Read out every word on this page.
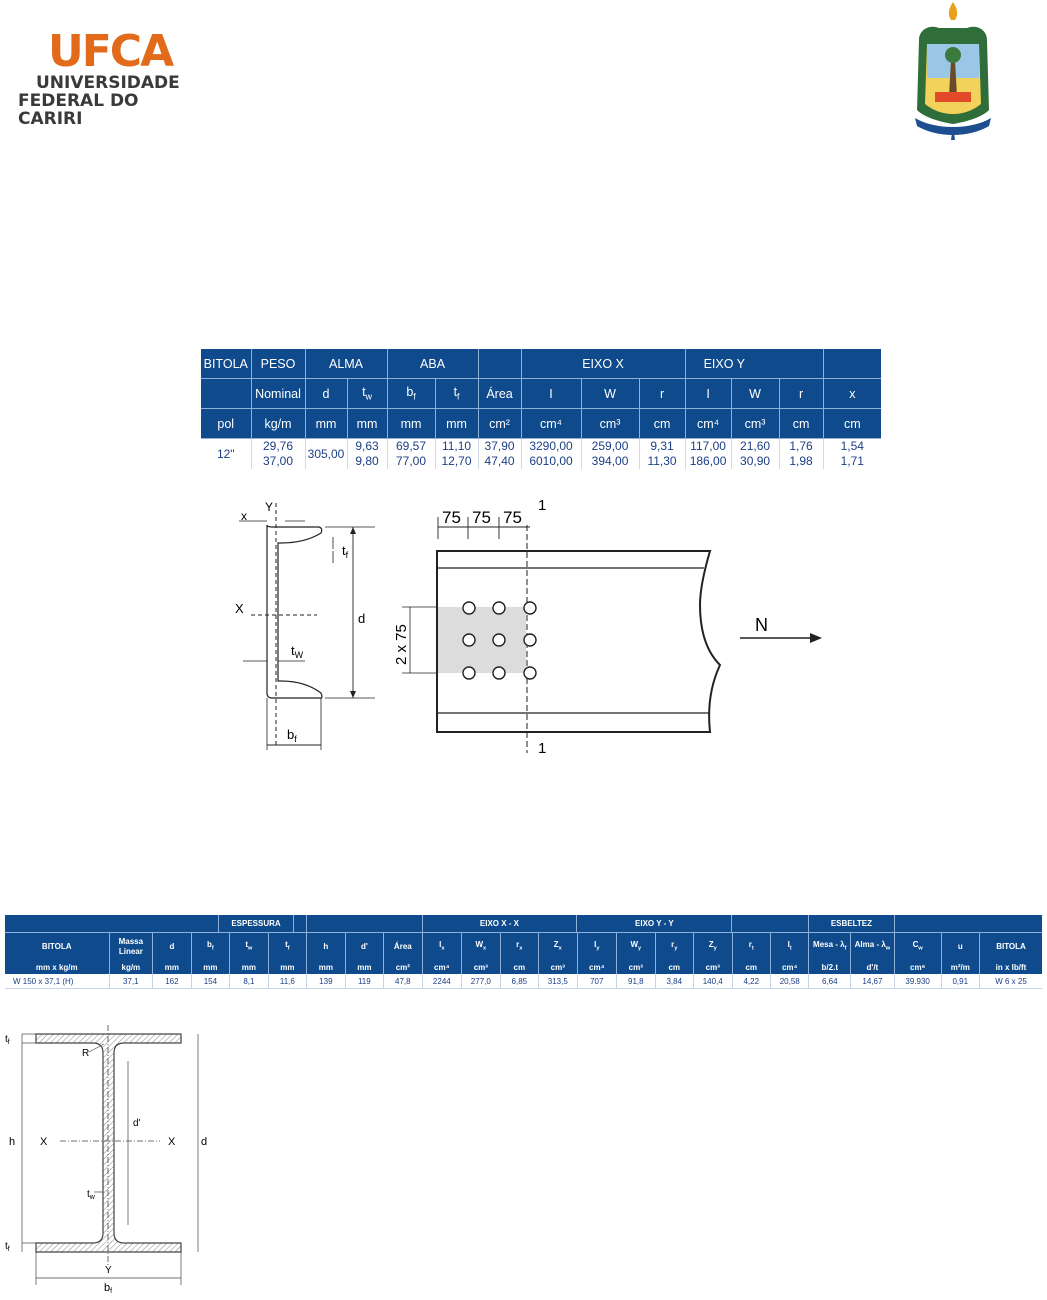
UFCA
UNIVERSIDADE
FEDERAL DO CARIRI
BITOLA	PESO	ALMA		ABA			EIXO X			EIXO Y			
	Nominal	d	$t_w$	$b_f$	$t_f$	Área	I	W	r	I	W	r	x
pol	kg/m	mm	mm	mm	mm	cm²	cm⁴	cm³	cm	cm⁴	cm³	cm	cm
12"	29,76	305,00	9,63	69,57	11,10	37,90	3290,00	259,00	9,31	117,00	21,60	1,76	1,54
	37,00		9,80	77,00	12,70	47,40	6010,00	394,00	11,30	186,00	30,90	1,98	1,71
x
Y
X
d
$t_f$
$t_W$
$b_f$
75 75 75
1
2 x 75	N
1
		EIXO X - X	EIXO Y - Y		ESBELTEZ	
ESPESSURA
BITOLA	Massa Linear	d	$b_f$	$t_w$	$t_f$	h	d'	Área	$I_x$	$W_x$	$r_x$	$Z_x$	$I_y$	$W_y$	$r_y$	$Z_y$	$r_t$	$I_t$	Mesa - $\lambda_f$	Alma - $\lambda_w$	$C_w$	u	BITOLA
mm x kg/m	kg/m	mm	mm	mm	mm	mm	mm	cm²	cm⁴	cm³	cm	cm³	cm⁴	cm³	cm	cm³	cm	cm⁴	b/2.t	d'/t	cm⁶	m²/m	in x lb/ft
W 150 x 37,1 (H)	37,1	162	154	8,1	11,6	139	119	47,8	2244	277,0	6,85	313,5	707	91,8	3,84	140,4	4,22	20,58	6,64	14,67	39.930	0,91	W 6 x 25
$t_f$
R
h X	X
d'
d
$t_w$
$t_f$
Y
bf
